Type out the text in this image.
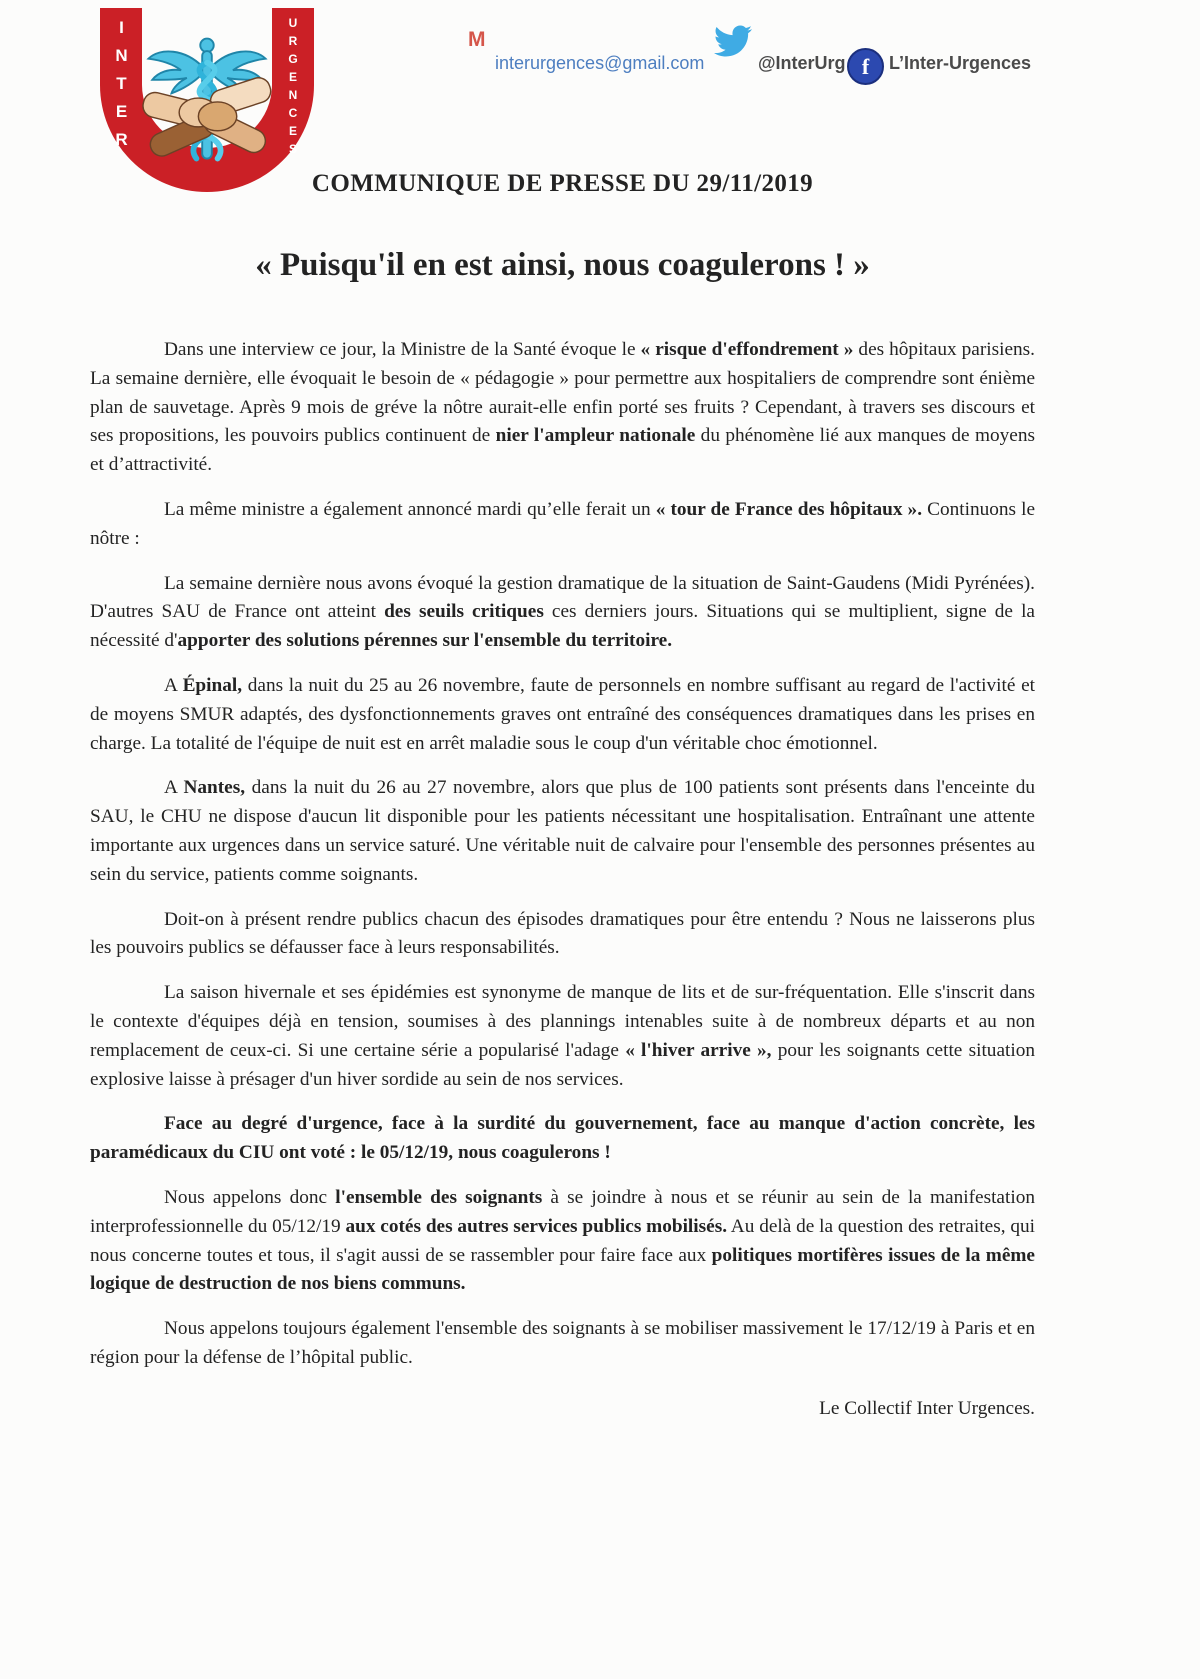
INTER	URGENCES	M
interurgences@gmail.com	@InterUrg f	L’Inter-Urgences
COMMUNIQUE DE PRESSE DU 29/11/2019
« Puisqu'il en est ainsi, nous coagulerons ! »

Dans une interview ce jour, la Ministre de la Santé évoque le « risque d'effondrement » des hôpitaux parisiens. La semaine dernière, elle évoquait le besoin de « pédagogie » pour permettre aux hospitaliers de comprendre sont énième plan de sauvetage. Après 9 mois de gréve la nôtre aurait-elle enfin porté ses fruits ? Cependant, à travers ses discours et ses propositions, les pouvoirs publics continuent de nier l'ampleur nationale du phénomène lié aux manques de moyens et d’attractivité.

La même ministre a également annoncé mardi qu’elle ferait un « tour de France des hôpitaux ». Continuons le nôtre :

La semaine dernière nous avons évoqué la gestion dramatique de la situation de Saint-Gaudens (Midi Pyrénées). D'autres SAU de France ont atteint des seuils critiques ces derniers jours. Situations qui se multiplient, signe de la nécessité d'apporter des solutions pérennes sur l'ensemble du territoire.

A Épinal, dans la nuit du 25 au 26 novembre, faute de personnels en nombre suffisant au regard de l'activité et de moyens SMUR adaptés, des dysfonctionnements graves ont entraîné des conséquences dramatiques dans les prises en charge. La totalité de l'équipe de nuit est en arrêt maladie sous le coup d'un véritable choc émotionnel.

A Nantes, dans la nuit du 26 au 27 novembre, alors que plus de 100 patients sont présents dans l'enceinte du SAU, le CHU ne dispose d'aucun lit disponible pour les patients nécessitant une hospitalisation. Entraînant une attente importante aux urgences dans un service saturé. Une véritable nuit de calvaire pour l'ensemble des personnes présentes au sein du service, patients comme soignants.

Doit-on à présent rendre publics chacun des épisodes dramatiques pour être entendu ? Nous ne laisserons plus les pouvoirs publics se défausser face à leurs responsabilités.

La saison hivernale et ses épidémies est synonyme de manque de lits et de sur-fréquentation. Elle s'inscrit dans le contexte d'équipes déjà en tension, soumises à des plannings intenables suite à de nombreux départs et au non remplacement de ceux-ci. Si une certaine série a popularisé l'adage « l'hiver arrive », pour les soignants cette situation explosive laisse à présager d'un hiver sordide au sein de nos services.

Face au degré d'urgence, face à la surdité du gouvernement, face au manque d'action concrète, les paramédicaux du CIU ont voté : le 05/12/19, nous coagulerons !

Nous appelons donc l'ensemble des soignants à se joindre à nous et se réunir au sein de la manifestation interprofessionnelle du 05/12/19 aux cotés des autres services publics mobilisés. Au delà de la question des retraites, qui nous concerne toutes et tous, il s'agit aussi de se rassembler pour faire face aux politiques mortifères issues de la même logique de destruction de nos biens communs.

Nous appelons toujours également l'ensemble des soignants à se mobiliser massivement le 17/12/19 à Paris et en région pour la défense de l’hôpital public.

Le Collectif Inter Urgences.
